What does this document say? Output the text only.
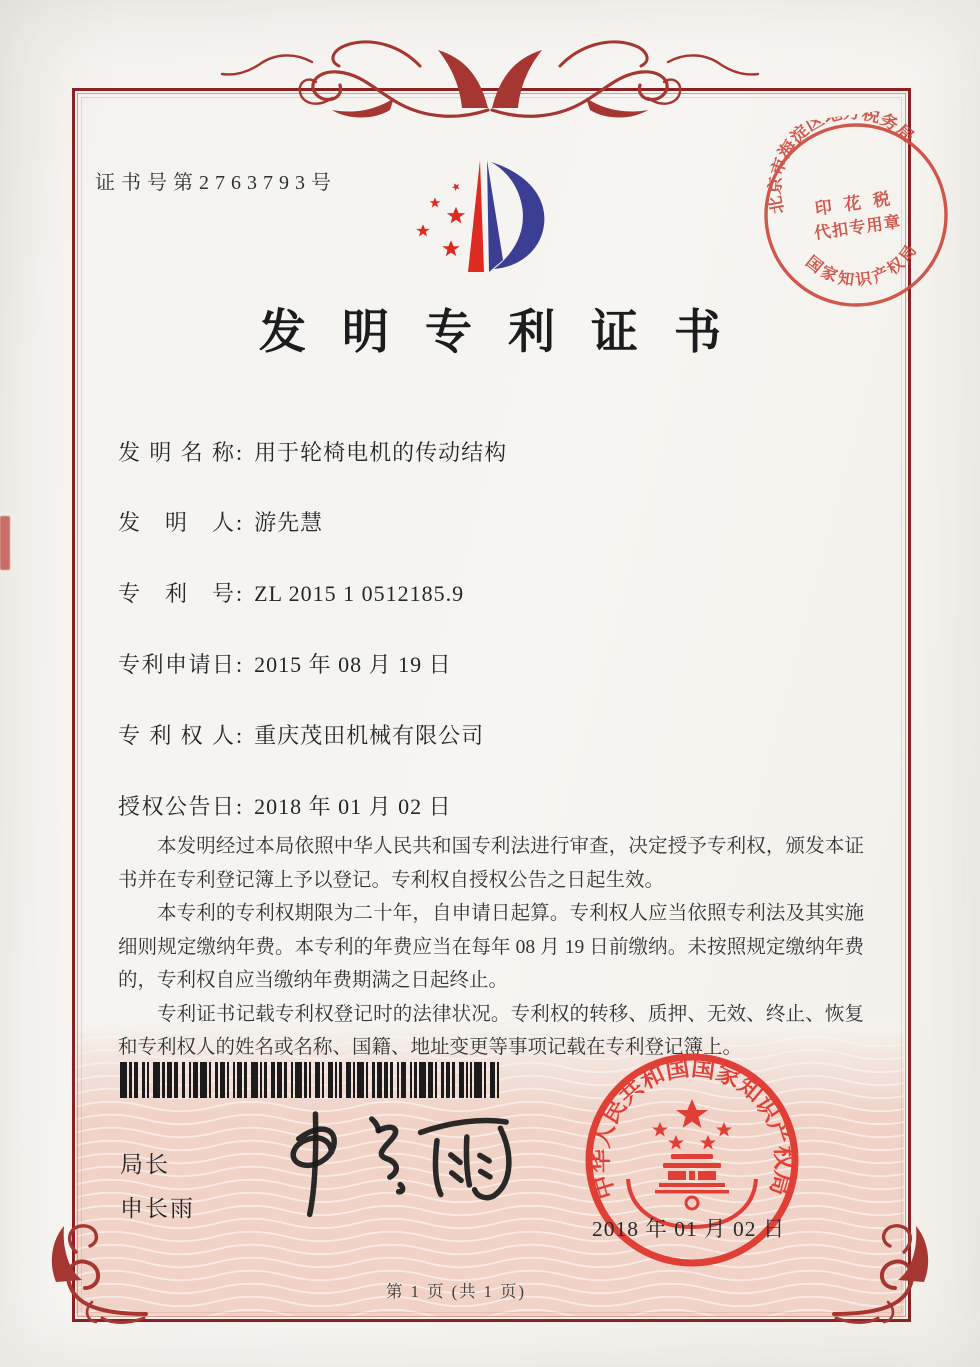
证书号第2763793号
北京市海淀区地方税务局
国家知识产权局
印 花 税
代扣专用章
发明专利证书
发明名称: 用于轮椅电机的传动结构
发明人: 游先慧
专利号: ZL 2015 1 0512185.9
专利申请日: 2015 年 08 月 19 日
专利权人: 重庆茂田机械有限公司
授权公告日: 2018 年 01 月 02 日

本发明经过本局依照中华人民共和国专利法进行审查，决定授予专利权，颁发本证书并在专利登记簿上予以登记。专利权自授权公告之日起生效。

本专利的专利权期限为二十年，自申请日起算。专利权人应当依照专利法及其实施细则规定缴纳年费。本专利的年费应当在每年 08 月 19 日前缴纳。未按照规定缴纳年费的，专利权自应当缴纳年费期满之日起终止。

专利证书记载专利权登记时的法律状况。专利权的转移、质押、无效、终止、恢复和专利权人的姓名或名称、国籍、地址变更等事项记载在专利登记簿上。

局长
申长雨
中华人民共和国国家知识产权局
2018 年 01 月 02 日
第 1 页 (共 1 页)
